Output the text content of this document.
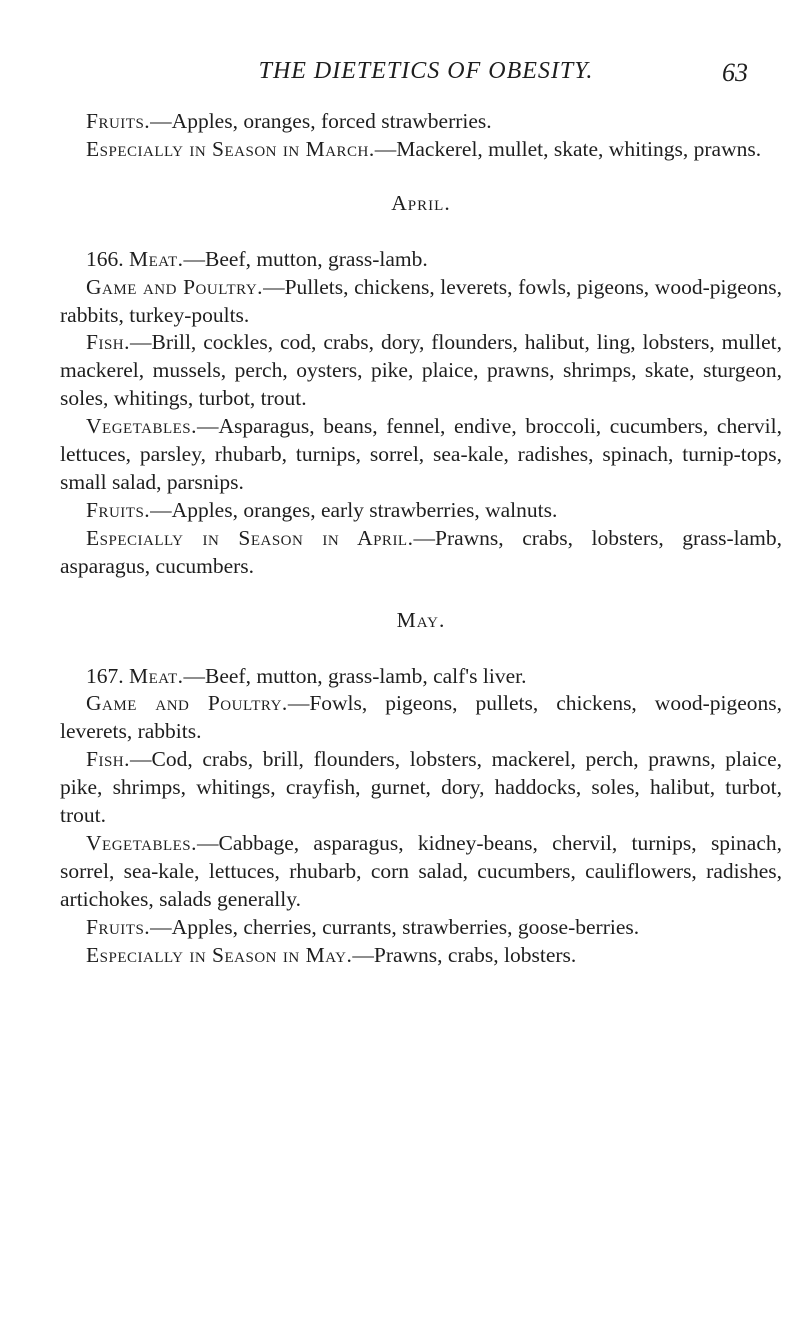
THE DIETETICS OF OBESITY.	63

Fruits.—Apples, oranges, forced strawberries.

Especially in Season in March.—Mackerel, mullet, skate, whitings, prawns.

April.

166. Meat.—Beef, mutton, grass-lamb.

Game and Poultry.—Pullets, chickens, leverets, fowls, pigeons, wood-pigeons, rabbits, turkey-poults.

Fish.—Brill, cockles, cod, crabs, dory, flounders, halibut, ling, lobsters, mullet, mackerel, mussels, perch, oysters, pike, plaice, prawns, shrimps, skate, sturgeon, soles, whitings, turbot, trout.

Vegetables.—Asparagus, beans, fennel, endive, broccoli, cucumbers, chervil, lettuces, parsley, rhubarb, turnips, sorrel, sea-kale, radishes, spinach, turnip-tops, small salad, parsnips.

Fruits.—Apples, oranges, early strawberries, walnuts.

Especially in Season in April.—Prawns, crabs, lobsters, grass-lamb, asparagus, cucumbers.

May.

167. Meat.—Beef, mutton, grass-lamb, calf's liver.

Game and Poultry.—Fowls, pigeons, pullets, chickens, wood-pigeons, leverets, rabbits.

Fish.—Cod, crabs, brill, flounders, lobsters, mackerel, perch, prawns, plaice, pike, shrimps, whitings, crayfish, gurnet, dory, haddocks, soles, halibut, turbot, trout.

Vegetables.—Cabbage, asparagus, kidney-beans, chervil, turnips, spinach, sorrel, sea-kale, lettuces, rhubarb, corn salad, cucumbers, cauliflowers, radishes, artichokes, salads generally.

Fruits.—Apples, cherries, currants, strawberries, goose-berries.

Especially in Season in May.—Prawns, crabs, lobsters.
